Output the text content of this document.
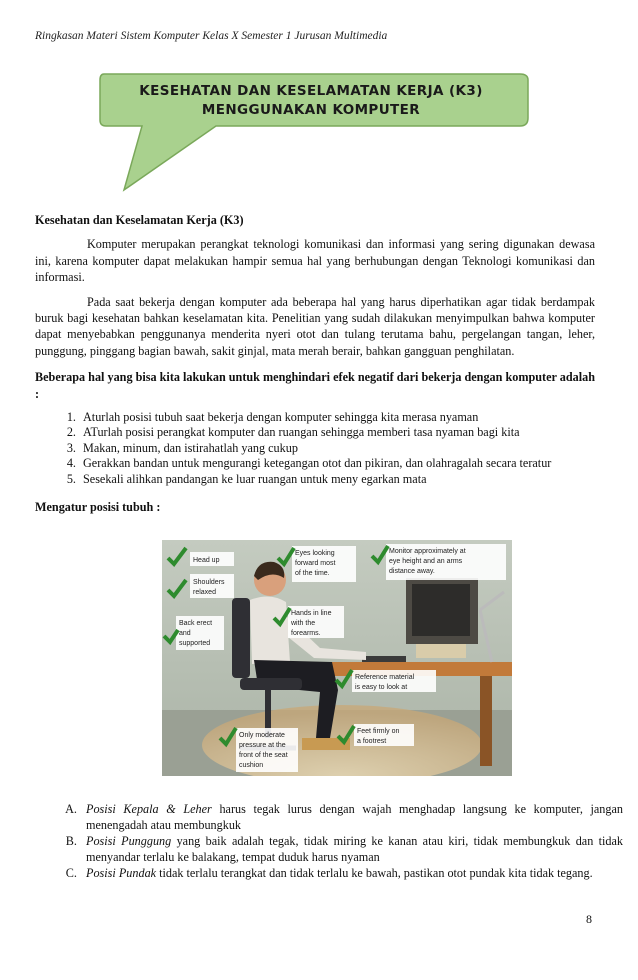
Ringkasan Materi Sistem Komputer Kelas X Semester 1 Jurusan Multimedia
KESEHATAN DAN KESELAMATAN KERJA (K3)
MENGGUNAKAN KOMPUTER

Kesehatan dan Keselamatan Kerja (K3)

Komputer merupakan perangkat teknologi komunikasi dan informasi yang sering digunakan dewasa ini, karena komputer dapat melakukan hampir semua hal yang berhubungan dengan Teknologi komunikasi dan informasi.

Pada saat bekerja dengan komputer ada beberapa hal yang harus diperhatikan agar tidak berdampak buruk bagi kesehatan bahkan keselamatan kita. Penelitian yang sudah dilakukan menyimpulkan bahwa komputer dapat menyebabkan penggunanya menderita nyeri otot dan tulang terutama bahu, pergelangan tangan, leher, punggung, pinggang bagian bawah, sakit ginjal, mata merah berair, bahkan gangguan penghilatan.

Beberapa hal yang bisa kita lakukan untuk menghindari efek negatif dari bekerja dengan komputer adalah :

1. Aturlah posisi tubuh saat bekerja dengan komputer sehingga kita merasa nyaman
2. ATurlah posisi perangkat komputer dan ruangan sehingga memberi tasa nyaman bagi kita
3. Makan, minum, dan istirahatlah yang cukup
4. Gerakkan bandan untuk mengurangi ketegangan otot dan pikiran, dan olahragalah secara teratur
5. Sesekali alihkan pandangan ke luar ruangan untuk meny egarkan mata

Mengatur posisi tubuh :

Head up
Eyes looking
forward most
of the time.
Monitor approximately at
eye height and an arms
distance away.
Shoulders
relaxed
Back erect
and
supported
Hands in line
with the
forearms.
Reference material
is easy to look at
Feet firmly on
a footrest
Only moderate
pressure at the
front of the seat
cushion
A. Posisi Kepala & Leher harus tegak lurus dengan wajah menghadap langsung ke komputer, jangan menengadah atau membungkuk
B. Posisi Punggung yang baik adalah tegak, tidak miring ke kanan atau kiri, tidak membungkuk dan tidak menyandar terlalu ke balakang, tempat duduk harus nyaman
C. Posisi Pundak tidak terlalu terangkat dan tidak terlalu ke bawah, pastikan otot pundak kita tidak tegang.
8
